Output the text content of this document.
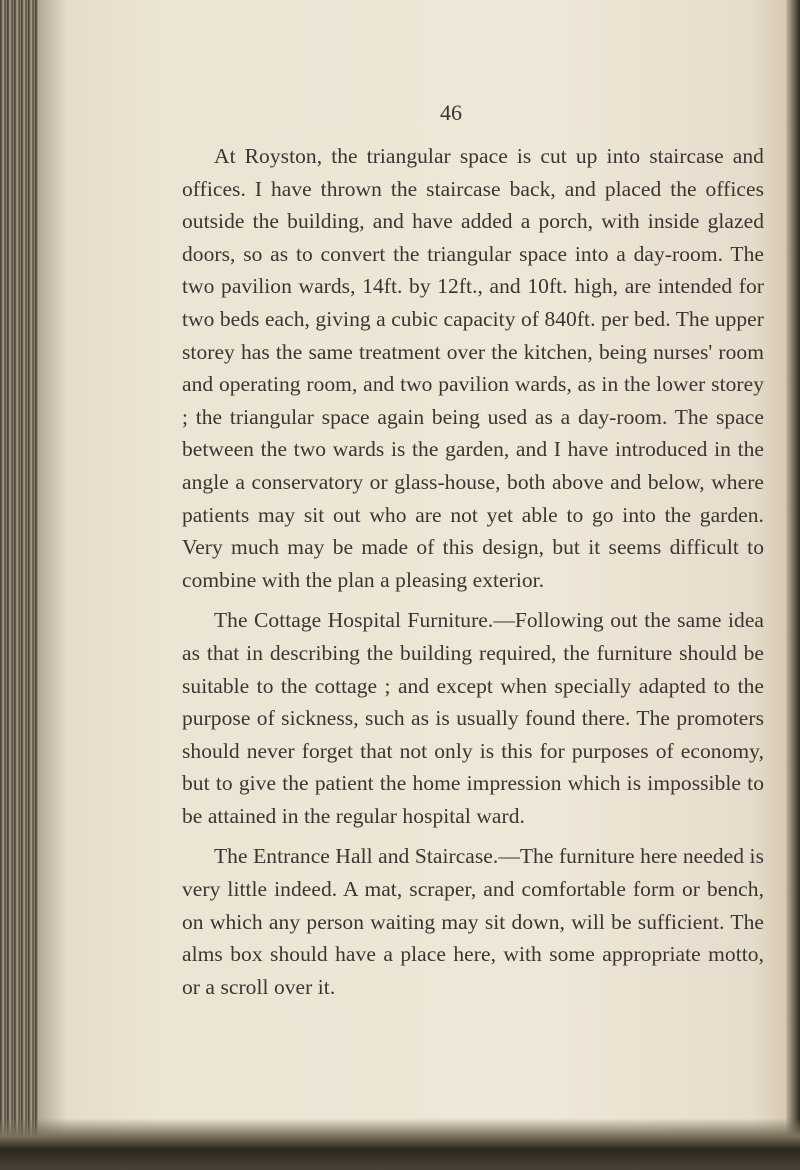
46

At Royston, the triangular space is cut up into staircase and offices. I have thrown the staircase back, and placed the offices outside the building, and have added a porch, with inside glazed doors, so as to convert the triangular space into a day-room. The two pavilion wards, 14ft. by 12ft., and 10ft. high, are intended for two beds each, giving a cubic capacity of 840ft. per bed. The upper storey has the same treatment over the kitchen, being nurses' room and operating room, and two pavilion wards, as in the lower storey ; the triangular space again being used as a day-room. The space between the two wards is the garden, and I have introduced in the angle a conservatory or glass-house, both above and below, where patients may sit out who are not yet able to go into the garden. Very much may be made of this design, but it seems difficult to combine with the plan a pleasing exterior.

The Cottage Hospital Furniture.—Following out the same idea as that in describing the building required, the furniture should be suitable to the cottage ; and except when specially adapted to the purpose of sickness, such as is usually found there. The promoters should never forget that not only is this for purposes of economy, but to give the patient the home impression which is impossible to be attained in the regular hospital ward.

The Entrance Hall and Staircase.—The furniture here needed is very little indeed. A mat, scraper, and comfortable form or bench, on which any person waiting may sit down, will be sufficient. The alms box should have a place here, with some appropriate motto, or a scroll over it.
